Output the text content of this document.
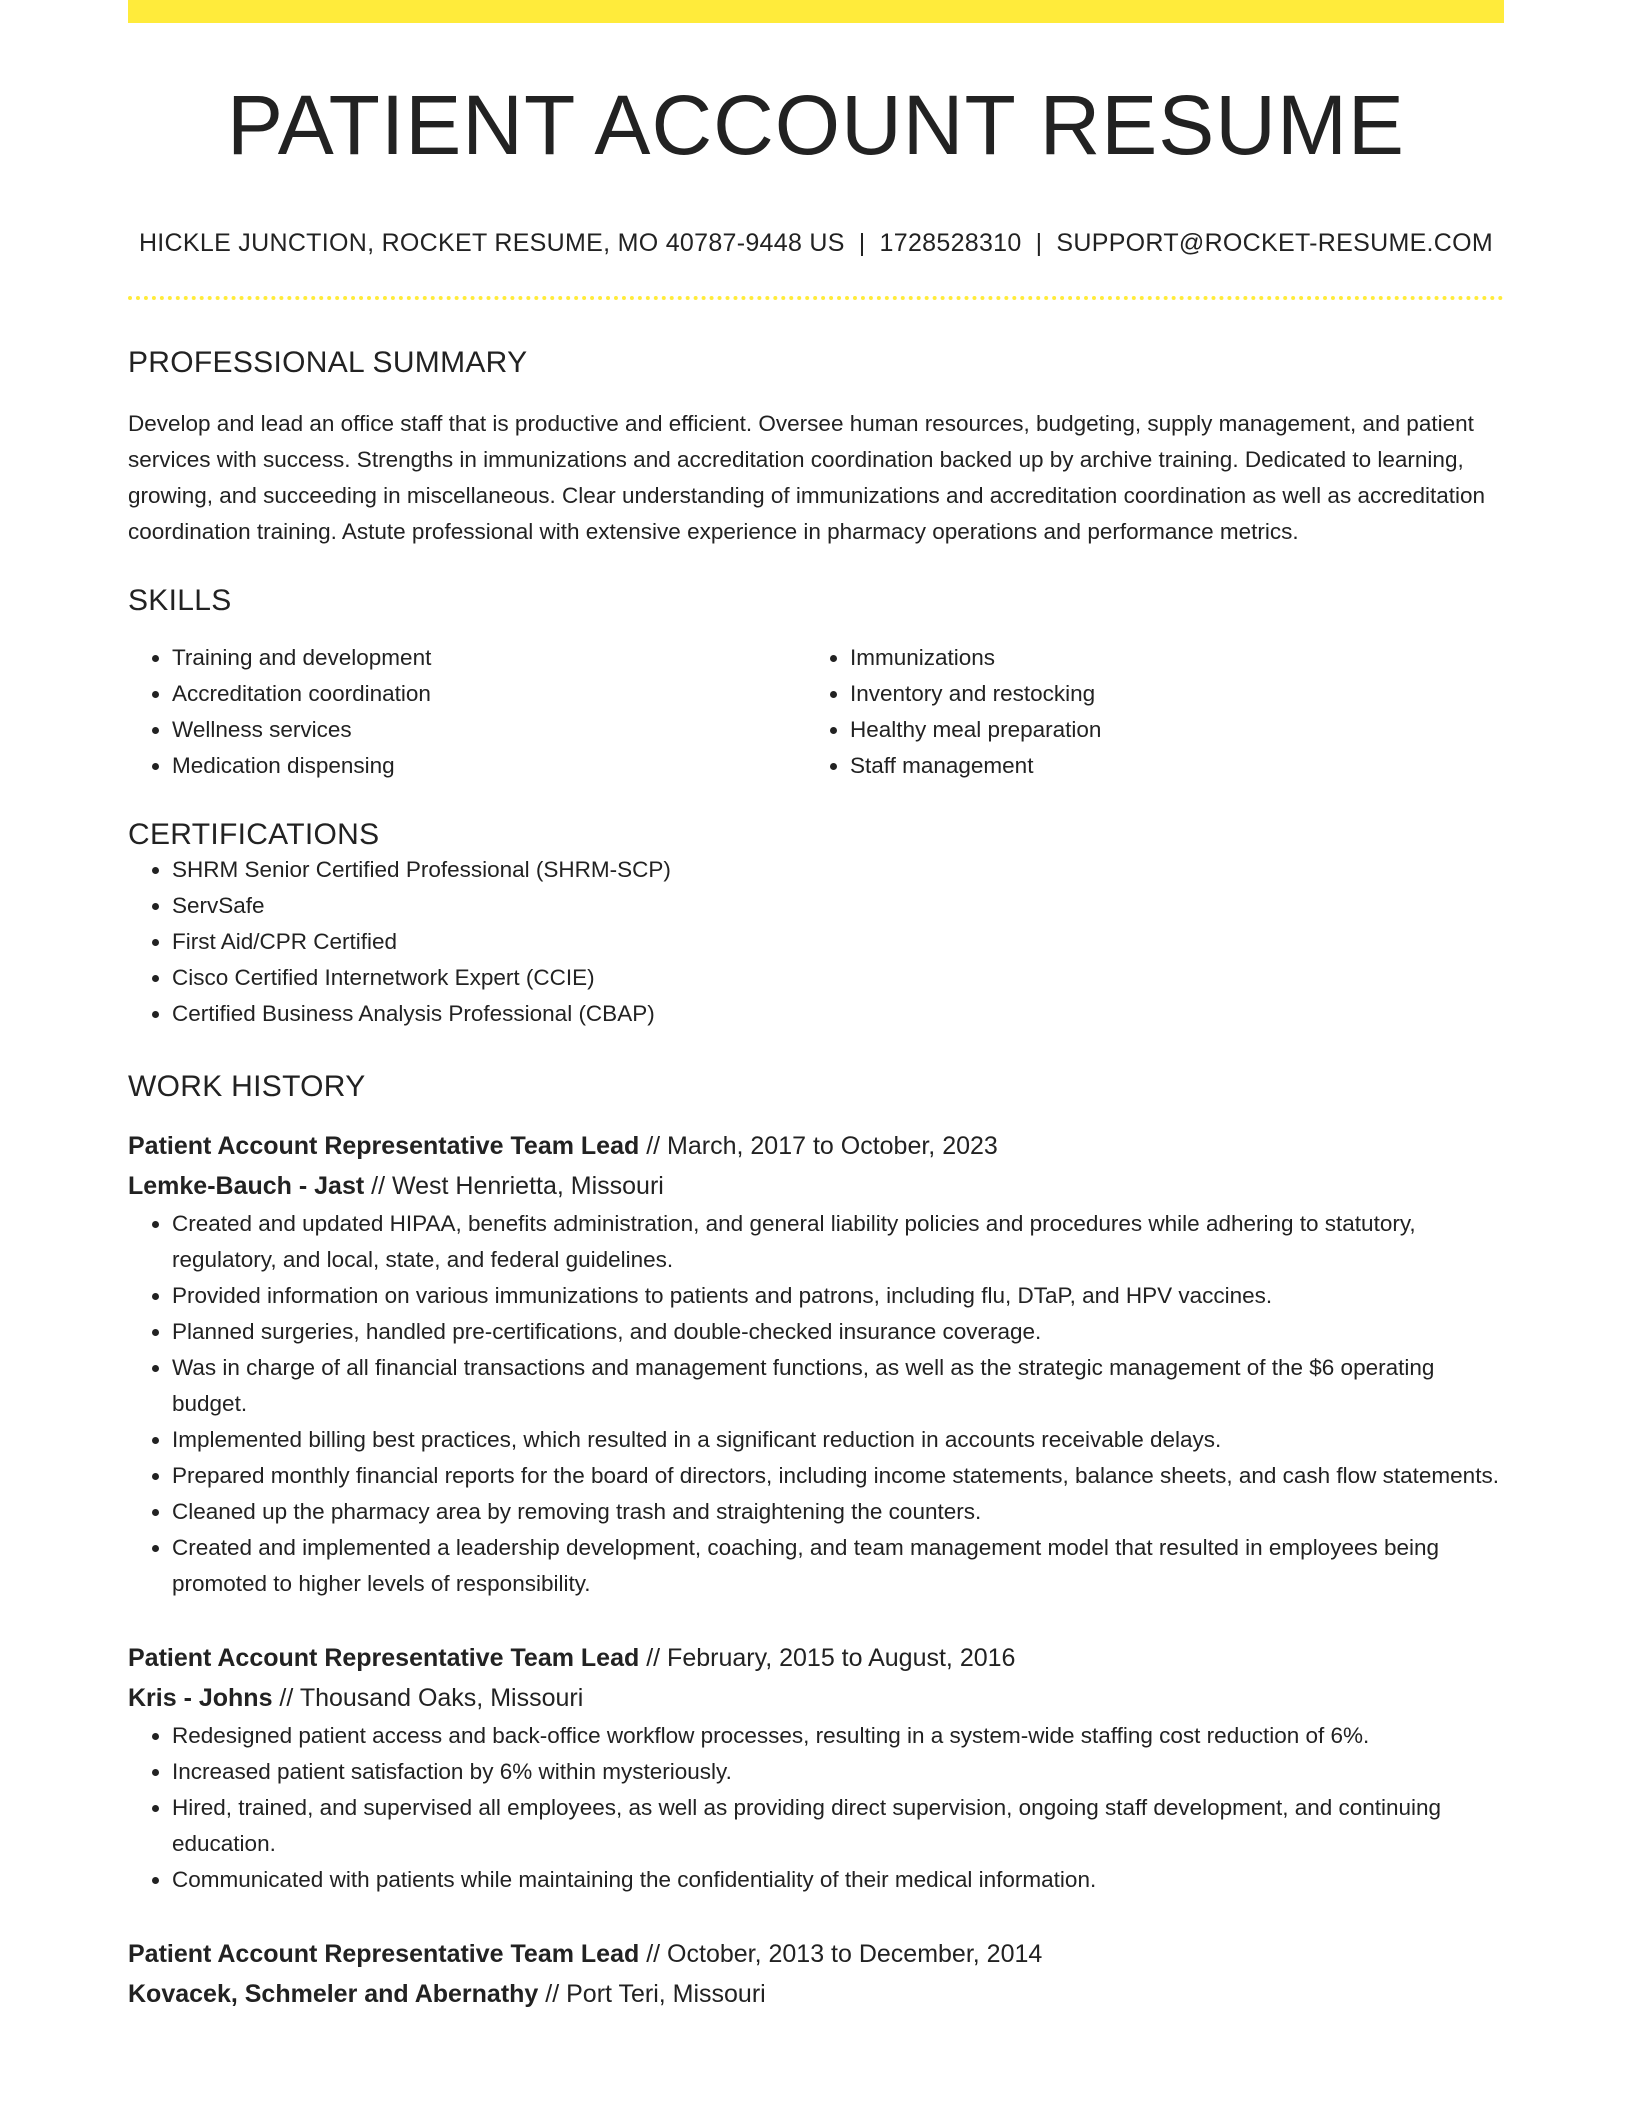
PATIENT ACCOUNT RESUME
HICKLE JUNCTION, ROCKET RESUME, MO 40787-9448 US | 1728528310 | SUPPORT@ROCKET-RESUME.COM
PROFESSIONAL SUMMARY
Develop and lead an office staff that is productive and efficient. Oversee human resources, budgeting, supply management, and patient services with success. Strengths in immunizations and accreditation coordination backed up by archive training. Dedicated to learning, growing, and succeeding in miscellaneous. Clear understanding of immunizations and accreditation coordination as well as accreditation coordination training. Astute professional with extensive experience in pharmacy operations and performance metrics.
SKILLS
• Training and development
• Accreditation coordination
• Wellness services
• Medication dispensing
• Immunizations
• Inventory and restocking
• Healthy meal preparation
• Staff management
CERTIFICATIONS
• SHRM Senior Certified Professional (SHRM-SCP)
• ServSafe
• First Aid/CPR Certified
• Cisco Certified Internetwork Expert (CCIE)
• Certified Business Analysis Professional (CBAP)
WORK HISTORY
Patient Account Representative Team Lead // March, 2017 to October, 2023
Lemke-Bauch - Jast // West Henrietta, Missouri
• Created and updated HIPAA, benefits administration, and general liability policies and procedures while adhering to statutory, regulatory, and local, state, and federal guidelines.
• Provided information on various immunizations to patients and patrons, including flu, DTaP, and HPV vaccines.
• Planned surgeries, handled pre-certifications, and double-checked insurance coverage.
• Was in charge of all financial transactions and management functions, as well as the strategic management of the $6 operating budget.
• Implemented billing best practices, which resulted in a significant reduction in accounts receivable delays.
• Prepared monthly financial reports for the board of directors, including income statements, balance sheets, and cash flow statements.
• Cleaned up the pharmacy area by removing trash and straightening the counters.
• Created and implemented a leadership development, coaching, and team management model that resulted in employees being promoted to higher levels of responsibility.
Patient Account Representative Team Lead // February, 2015 to August, 2016
Kris - Johns // Thousand Oaks, Missouri
• Redesigned patient access and back-office workflow processes, resulting in a system-wide staffing cost reduction of 6%.
• Increased patient satisfaction by 6% within mysteriously.
• Hired, trained, and supervised all employees, as well as providing direct supervision, ongoing staff development, and continuing education.
• Communicated with patients while maintaining the confidentiality of their medical information.
Patient Account Representative Team Lead // October, 2013 to December, 2014
Kovacek, Schmeler and Abernathy // Port Teri, Missouri
